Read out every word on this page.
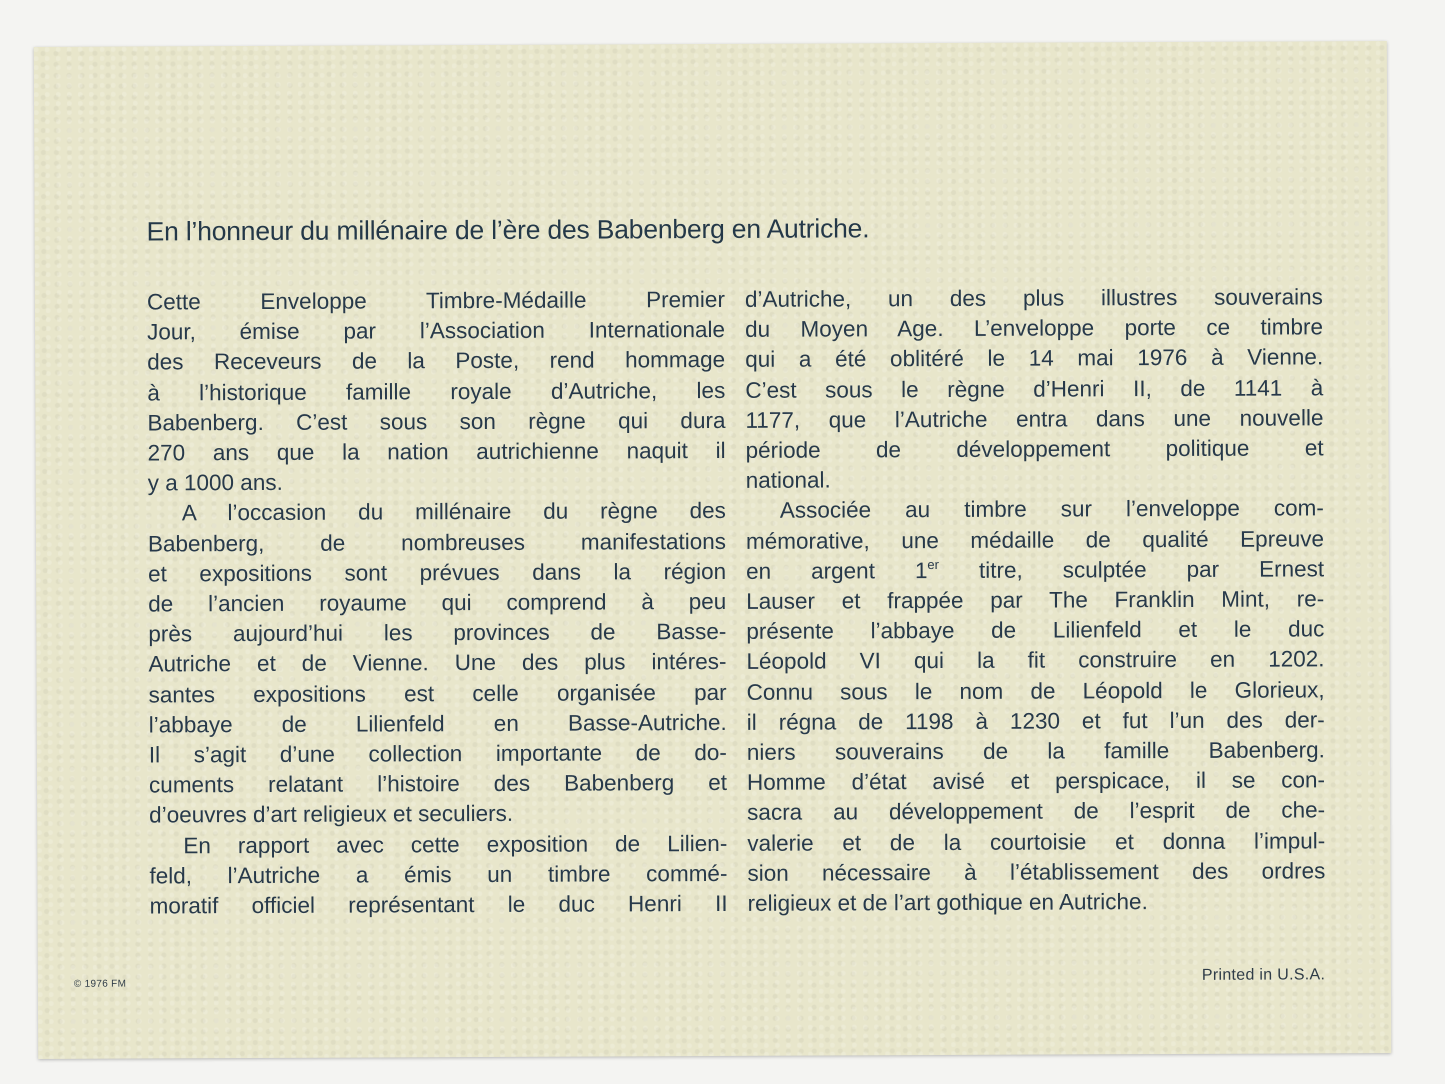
En l’honneur du millénaire de l’ère des Babenberg en Autriche.

Cette Enveloppe Timbre-Médaille Premier
Jour, émise par l’Association Internationale
des Receveurs de la Poste, rend hommage
à l’historique famille royale d’Autriche, les
Babenberg. C’est sous son règne qui dura
270 ans que la nation autrichienne naquit il
y a 1000 ans.

A l’occasion du millénaire du règne des
Babenberg, de nombreuses manifestations
et expositions sont prévues dans la région
de l’ancien royaume qui comprend à peu
près aujourd’hui les provinces de Basse-
Autriche et de Vienne. Une des plus intéres-
santes expositions est celle organisée par
l’abbaye de Lilienfeld en Basse-Autriche.
Il s’agit d’une collection importante de do-
cuments relatant l’histoire des Babenberg et
d’oeuvres d’art religieux et seculiers.

En rapport avec cette exposition de Lilien-
feld, l’Autriche a émis un timbre commé-
moratif officiel représentant le duc Henri II

d’Autriche, un des plus illustres souverains
du Moyen Age. L’enveloppe porte ce timbre
qui a été oblitéré le 14 mai 1976 à Vienne.
C’est sous le règne d’Henri II, de 1141 à
1177, que l’Autriche entra dans une nouvelle
période de développement politique et
national.

Associée au timbre sur l’enveloppe com-
mémorative, une médaille de qualité Epreuve
en argent 1er titre, sculptée par Ernest
Lauser et frappée par The Franklin Mint, re-
présente l’abbaye de Lilienfeld et le duc
Léopold VI qui la fit construire en 1202.
Connu sous le nom de Léopold le Glorieux,
il régna de 1198 à 1230 et fut l’un des der-
niers souverains de la famille Babenberg.
Homme d’état avisé et perspicace, il se con-
sacra au développement de l’esprit de che-
valerie et de la courtoisie et donna l’impul-
sion nécessaire à l’établissement des ordres
religieux et de l’art gothique en Autriche.

© 1976 FM
Printed in U.S.A.
